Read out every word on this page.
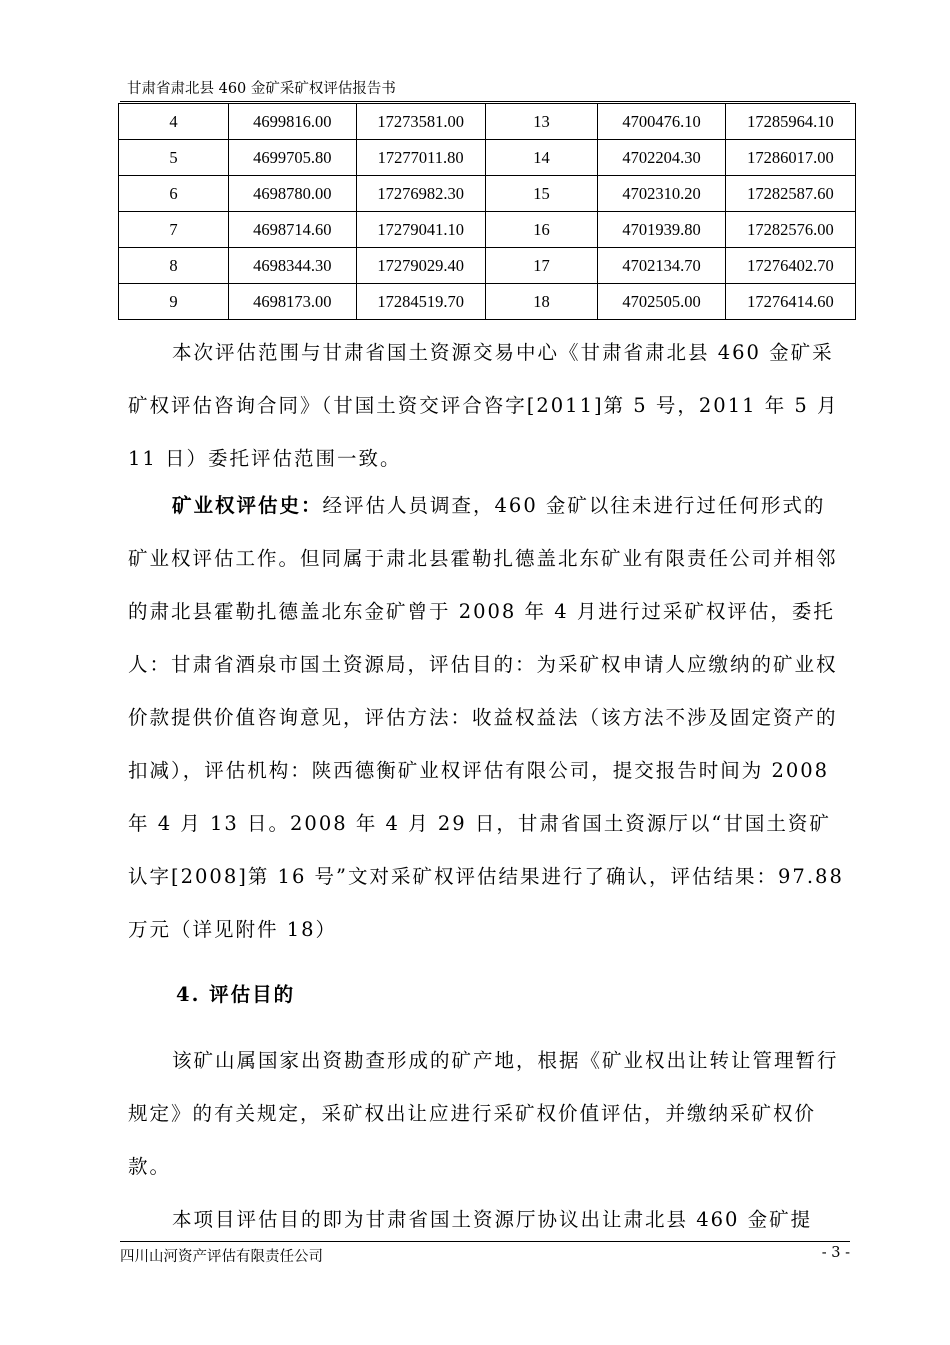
甘肃省肃北县 460 金矿采矿权评估报告书
4	4699816.00	17273581.00	13	4700476.10	17285964.10
5	4699705.80	17277011.80	14	4702204.30	17286017.00
6	4698780.00	17276982.30	15	4702310.20	17282587.60
7	4698714.60	17279041.10	16	4701939.80	17282576.00
8	4698344.30	17279029.40	17	4702134.70	17276402.70
9	4698173.00	17284519.70	18	4702505.00	17276414.60
本次评估范围与甘肃省国土资源交易中心《甘肃省肃北县 460 金矿采矿权评估咨询合同》（甘国土资交评合咨字[2011]第 5 号，2011 年 5 月 11 日）委托评估范围一致。
矿业权评估史：经评估人员调查，460 金矿以往未进行过任何形式的矿业权评估工作。但同属于肃北县霍勒扎德盖北东矿业有限责任公司并相邻的肃北县霍勒扎德盖北东金矿曾于 2008 年 4 月进行过采矿权评估，委托人：甘肃省酒泉市国土资源局，评估目的：为采矿权申请人应缴纳的矿业权价款提供价值咨询意见，评估方法：收益权益法（该方法不涉及固定资产的扣减），评估机构：陕西德衡矿业权评估有限公司，提交报告时间为 2008 年 4 月 13 日。2008 年 4 月 29 日，甘肃省国土资源厅以“甘国土资矿认字[2008]第 16 号”文对采矿权评估结果进行了确认，评估结果：97.88 万元（详见附件 18）
4. 评估目的
该矿山属国家出资勘查形成的矿产地，根据《矿业权出让转让管理暂行规定》的有关规定，采矿权出让应进行采矿权价值评估，并缴纳采矿权价款。
本项目评估目的即为甘肃省国土资源厅协议出让肃北县 460 金矿提
四川山河资产评估有限责任公司	- 3 -
